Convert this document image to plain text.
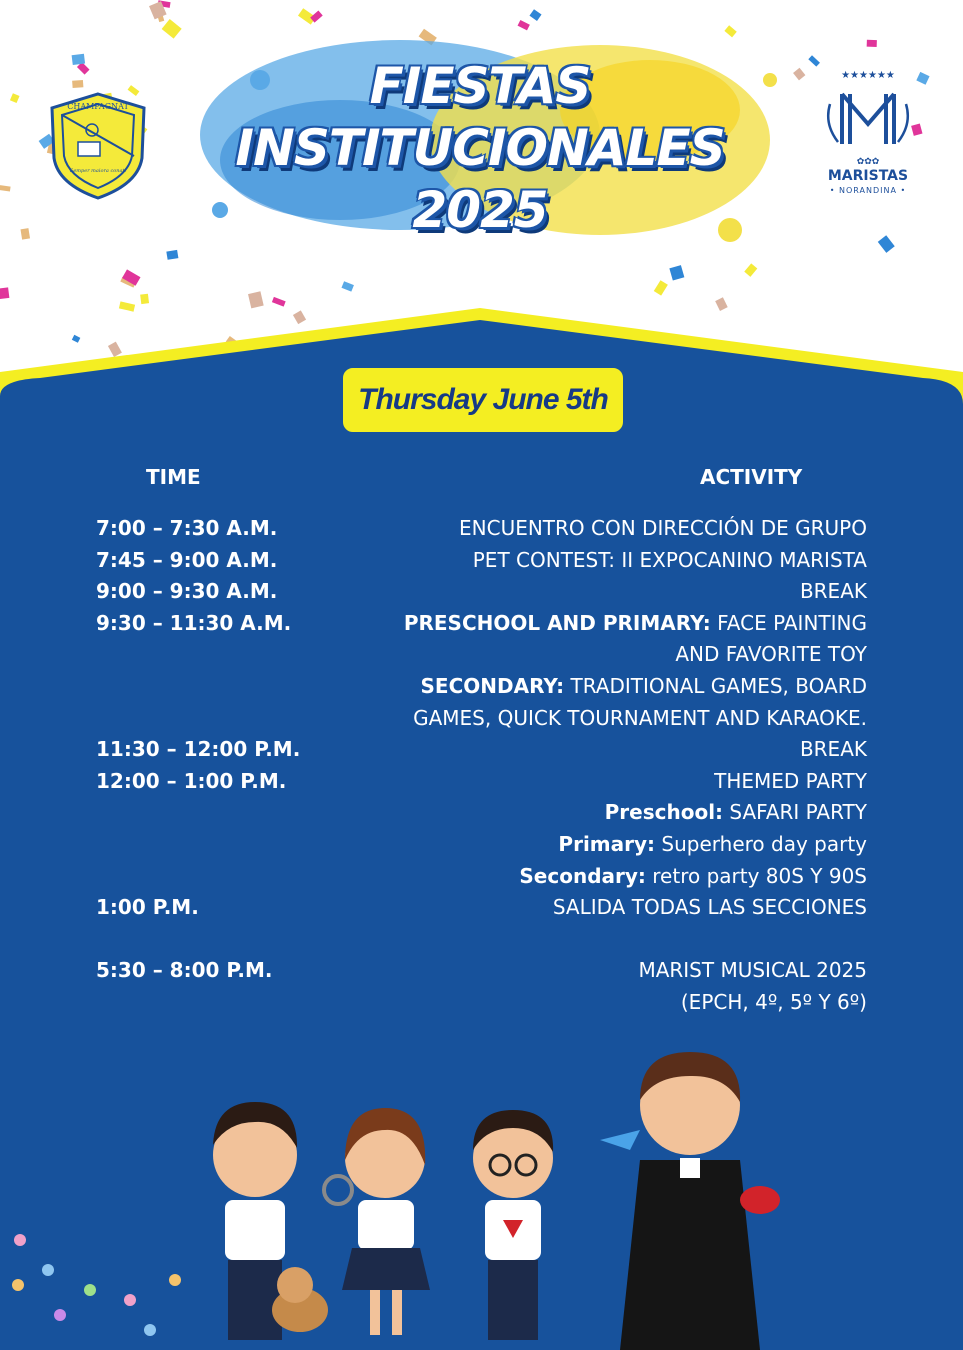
FIESTAS
INSTITUCIONALES
2025
CHAMPAGNAT
Semper maiora conati
★★★★★★
✿✿✿
MARISTAS
• NORANDINA •
Thursday June 5th
TIME	ACTIVITY
7:00 – 7:30 A.M.	ENCUENTRO CON DIRECCIÓN DE GRUPO
7:45 – 9:00 A.M.	PET CONTEST: II EXPOCANINO MARISTA
9:00 – 9:30 A.M.	BREAK
9:30 – 11:30 A.M.	PRESCHOOL AND PRIMARY: FACE PAINTING
AND FAVORITE TOY
SECONDARY: TRADITIONAL GAMES, BOARD
GAMES, QUICK TOURNAMENT AND KARAOKE.
11:30 – 12:00 P.M.	BREAK
12:00 – 1:00 P.M.	THEMED PARTY
Preschool: SAFARI PARTY
Primary: Superhero day party
Secondary: retro party 80S Y 90S
1:00 P.M.	SALIDA TODAS LAS SECCIONES
5:30 – 8:00 P.M.	MARIST MUSICAL 2025
(EPCH, 4º, 5º Y 6º)
